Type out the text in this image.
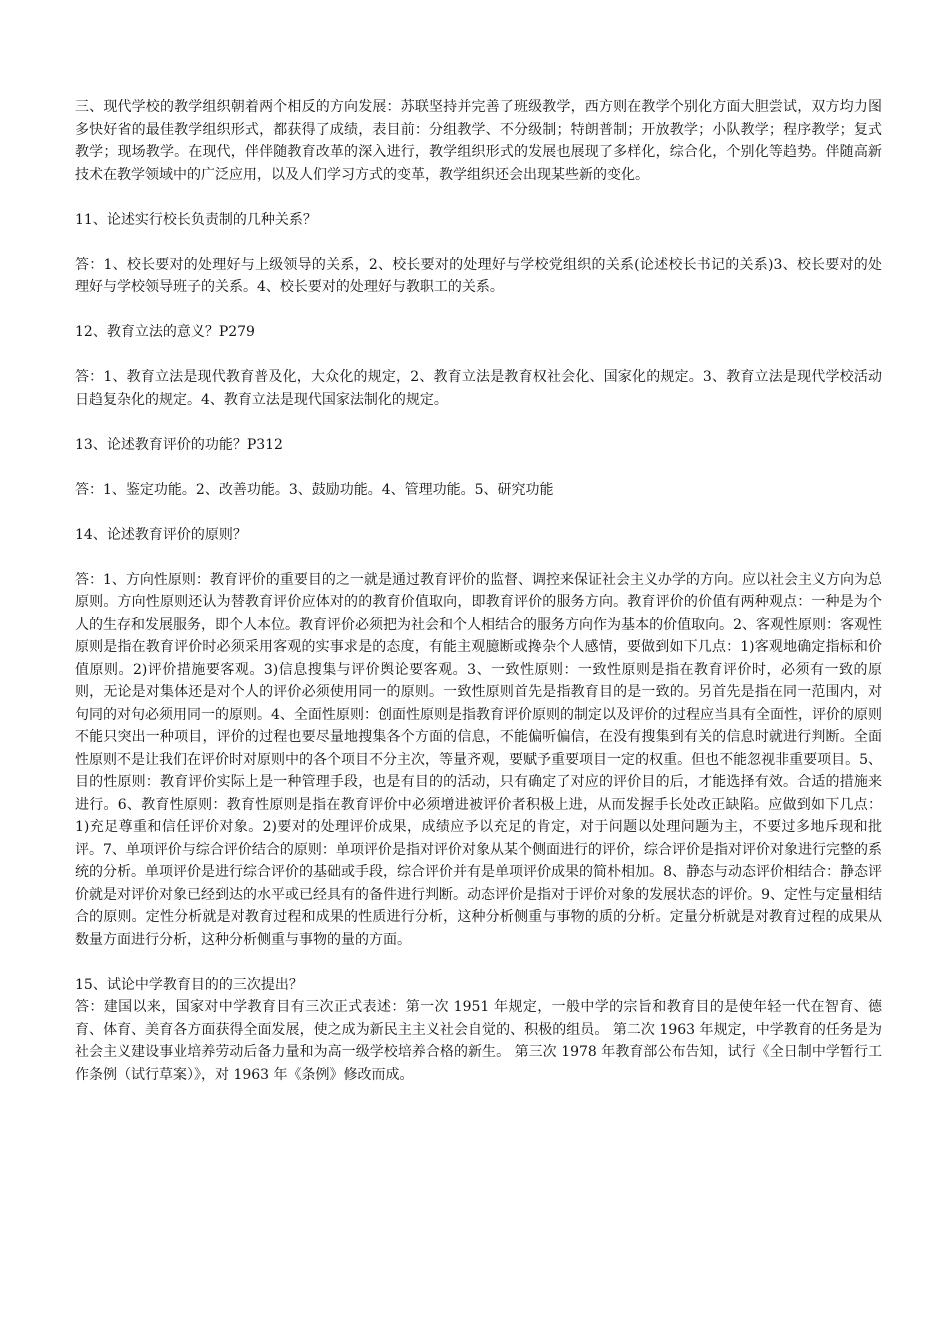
三、现代学校的教学组织朝着两个相反的方向发展：苏联坚持并完善了班级教学，西方则在教学个别化方面大胆尝试，双方均力图多快好省的最佳教学组织形式，都获得了成绩，表目前：分组教学、不分级制；特朗普制；开放教学；小队教学；程序教学；复式教学；现场教学。在现代，伴伴随教育改革的深入进行，教学组织形式的发展也展现了多样化，综合化，个别化等趋势。伴随高新技术在教学领域中的广泛应用，以及人们学习方式的变革，教学组织还会出现某些新的变化。

11、论述实行校长负责制的几种关系？

答：1、校长要对的处理好与上级领导的关系，2、校长要对的处理好与学校党组织的关系(论述校长书记的关系)3、校长要对的处理好与学校领导班子的关系。4、校长要对的处理好与教职工的关系。

12、教育立法的意义？P279

答：1、教育立法是现代教育普及化，大众化的规定，2、教育立法是教育权社会化、国家化的规定。3、教育立法是现代学校活动日趋复杂化的规定。4、教育立法是现代国家法制化的规定。

13、论述教育评价的功能？P312

答：1、鉴定功能。2、改善功能。3、鼓励功能。4、管理功能。5、研究功能

14、论述教育评价的原则？

答：1、方向性原则：教育评价的重要目的之一就是通过教育评价的监督、调控来保证社会主义办学的方向。应以社会主义方向为总原则。方向性原则还认为替教育评价应体对的的教育价值取向，即教育评价的服务方向。教育评价的价值有两种观点：一种是为个人的生存和发展服务，即个人本位。教育评价必须把为社会和个人相结合的服务方向作为基本的价值取向。2、客观性原则：客观性原则是指在教育评价时必须采用客观的实事求是的态度，有能主观臆断或搀杂个人感情，要做到如下几点：1)客观地确定指标和价值原则。2)评价措施要客观。3)信息搜集与评价舆论要客观。3、一致性原则：一致性原则是指在教育评价时，必须有一致的原则，无论是对集体还是对个人的评价必须使用同一的原则。一致性原则首先是指教育目的是一致的。另首先是指在同一范围内，对句同的对句必须用同一的原则。4、全面性原则：创面性原则是指教育评价原则的制定以及评价的过程应当具有全面性，评价的原则不能只突出一种项目，评价的过程也要尽量地搜集各个方面的信息，不能偏听偏信，在没有搜集到有关的信息时就进行判断。全面性原则不是让我们在评价时对原则中的各个项目不分主次，等量齐观，要赋予重要项目一定的权重。但也不能忽视非重要项目。5、目的性原则：教育评价实际上是一种管理手段，也是有目的的活动，只有确定了对应的评价目的后，才能选择有效。合适的措施来进行。6、教育性原则：教育性原则是指在教育评价中必须增进被评价者积极上进，从而发握手长处改正缺陷。应做到如下几点：1)充足尊重和信任评价对象。2)要对的处理评价成果，成绩应予以充足的肯定，对于问题以处理问题为主，不要过多地斥现和批评。7、单项评价与综合评价结合的原则：单项评价是指对评价对象从某个侧面进行的评价，综合评价是指对评价对象进行完整的系统的分析。单项评价是进行综合评价的基础或手段，综合评价并有是单项评价成果的简朴相加。8、静态与动态评价相结合：静态评价就是对评价对象已经到达的水平或已经具有的备件进行判断。动态评价是指对于评价对象的发展状态的评价。9、定性与定量相结合的原则。定性分析就是对教育过程和成果的性质进行分析，这种分析侧重与事物的质的分析。定量分析就是对教育过程的成果从数量方面进行分析，这种分析侧重与事物的量的方面。

15、试论中学教育目的的三次提出？

答：建国以来，国家对中学教育目有三次正式表述：第一次 1951 年规定，一般中学的宗旨和教育目的是使年轻一代在智育、德育、体育、美育各方面获得全面发展，使之成为新民主主义社会自觉的、积极的组员。 第二次 1963 年规定，中学教育的任务是为社会主义建设事业培养劳动后备力量和为高一级学校培养合格的新生。 第三次 1978 年教育部公布告知，试行《全日制中学暂行工作条例（试行草案）》，对 1963 年《条例》修改而成。
